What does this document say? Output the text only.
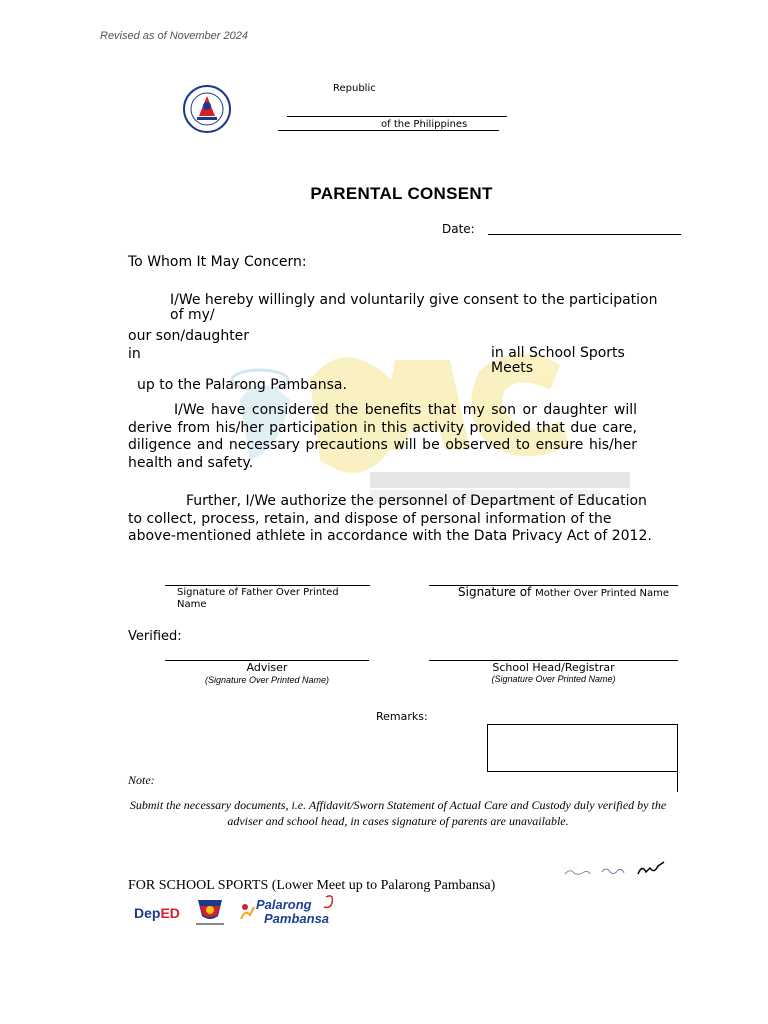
Revised as of November 2024
Republic
of the Philippines
PARENTAL CONSENT
Date:
To Whom It May Concern:
I/We hereby willingly and voluntarily give consent to the participation of my/
our son/daughter
in	in all School Sports Meets
up to the Palarong Pambansa.
I/We have considered the benefits that my son or daughter will derive from his/her participation in this activity provided that due care, diligence and necessary precautions will be observed to ensure his/her health and safety.
Further, I/We authorize the personnel of Department of Education to collect, process, retain, and dispose of personal information of the above-mentioned athlete in accordance with the Data Privacy Act of 2012.
Signature of Father Over Printed Name
Signature of Mother Over Printed Name
Verified:
Adviser
(Signature Over Printed Name)
School Head/Registrar
(Signature Over Printed Name)
Remarks:
Note:
Submit the necessary documents, i.e. Affidavit/Sworn Statement of Actual Care and Custody duly verified by the adviser and school head, in cases signature of parents are unavailable.
FOR SCHOOL SPORTS (Lower Meet up to Palarong Pambansa)
DepED
Palarong
Pambansa
